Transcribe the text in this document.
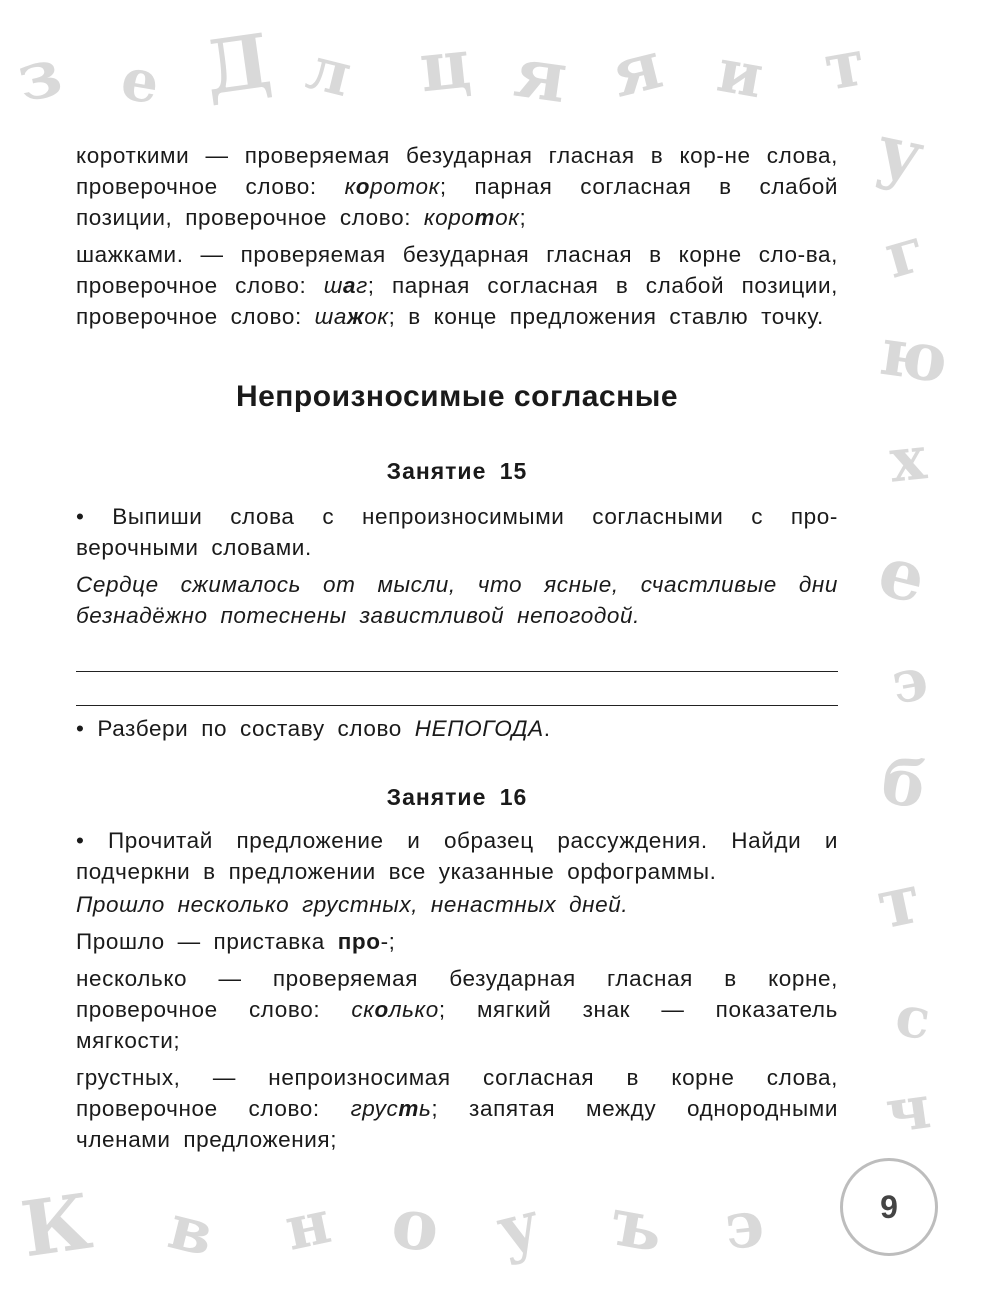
з е Д л ц я я и т
у
г
ю
х
е
э
б
т
с
ч
К в н о у ъ э

короткими — проверяемая безударная гласная в кор-не слова, проверочное слово: короток; парная согласная в слабой позиции, проверочное слово: короток;

шажками. — проверяемая безударная гласная в корне сло-ва, проверочное слово: шаг; парная согласная в слабой позиции, проверочное слово: шажок; в конце предложения ставлю точку.

Непроизносимые согласные
Занятие 15

• Выпиши слова с непроизносимыми согласными с про-верочными словами.

Сердце сжималось от мысли, что ясные, счастливые дни безнадёжно потеснены завистливой непогодой.

• Разбери по составу слово НЕПОГОДА.

Занятие 16

• Прочитай предложение и образец рассуждения. Найди и подчеркни в предложении все указанные орфограммы.

Прошло несколько грустных, ненастных дней.

Прошло — приставка про-;

несколько — проверяемая безударная гласная в корне, проверочное слово: сколько; мягкий знак — показатель мягкости;

грустных, — непроизносимая согласная в корне слова, проверочное слово: грусть; запятая между однородными членами предложения;

9
